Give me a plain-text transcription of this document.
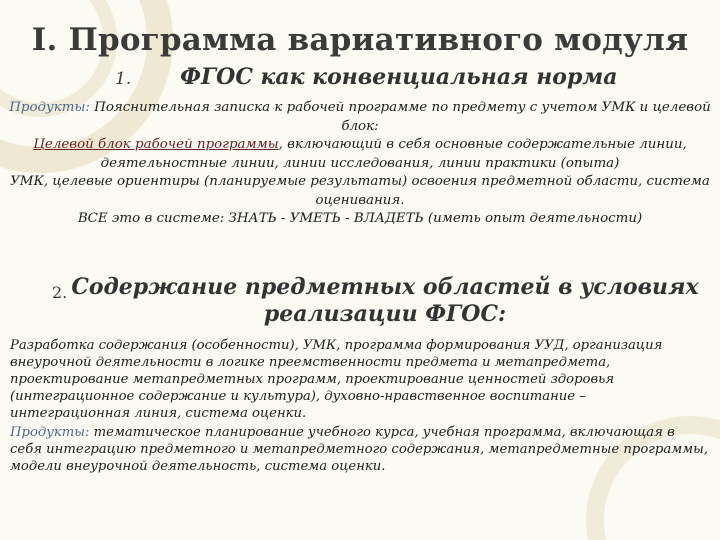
I. Программа вариативного модуля
1. ФГОС как конвенциальная норма

Продукты: Пояснительная записка к рабочей программе по предмету с учетом УМК и целевой блок:

Целевой блок рабочей программы, включающий в себя основные содержательные линии, деятельностные линии, линии исследования, линии практики (опыта)

УМК, целевые ориентиры (планируемые результаты) освоения предметной области, система оценивания.

ВСЕ это в системе: ЗНАТЬ - УМЕТЬ - ВЛАДЕТЬ (иметь опыт деятельности)

2. Содержание предметных областей в условиях реализации ФГОС:

Разработка содержания (особенности), УМК, программа формирования УУД, организация внеурочной деятельности в логике преемственности предмета и метапредмета, проектирование метапредметных программ, проектирование ценностей здоровья (интеграционное содержание и культура), духовно-нравственное воспитание – интеграционная линия, система оценки.

Продукты: тематическое планирование учебного курса, учебная программа, включающая в себя интеграцию предметного и метапредметного содержания, метапредметные программы, модели внеурочной деятельность, система оценки.
